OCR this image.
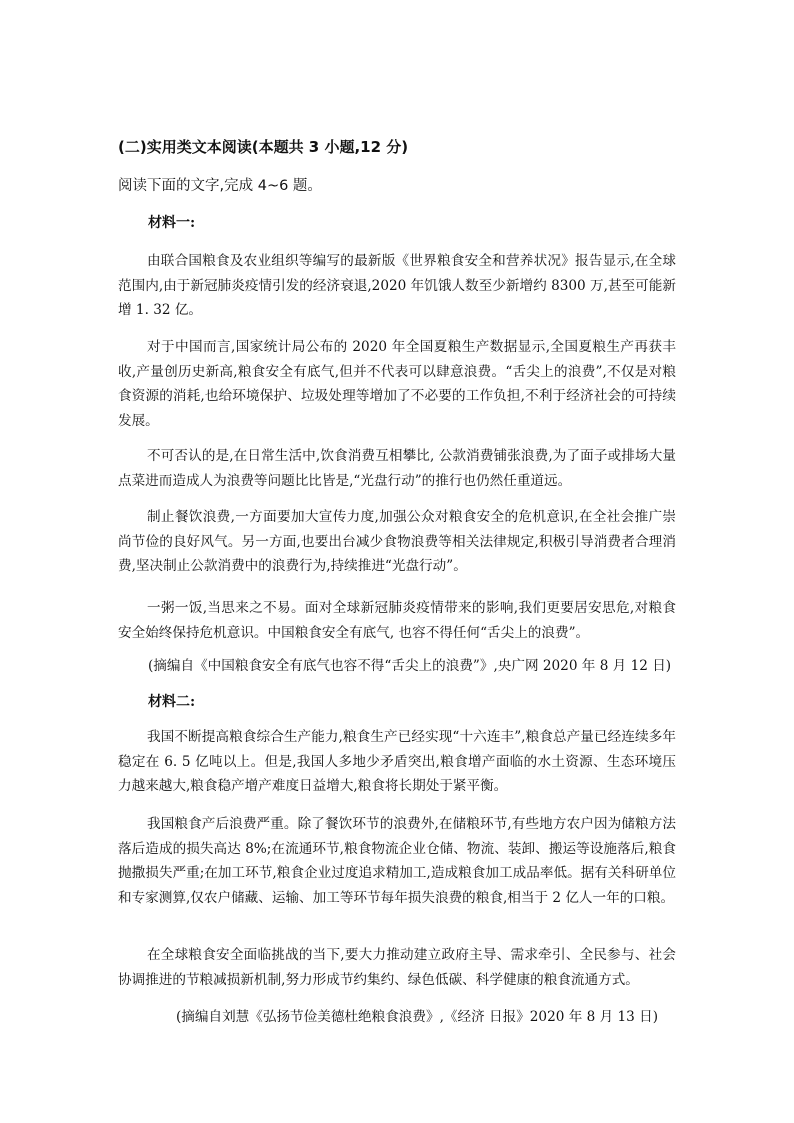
(二)实用类文本阅读(本题共 3 小题,12 分)
阅读下面的文字,完成 4~6 题。
材料一:

由联合国粮食及农业组织等编写的最新版《世界粮食安全和营养状况》报告显示,在全球范围内,由于新冠肺炎疫情引发的经济衰退,2020 年饥饿人数至少新增约 8300 万,甚至可能新增 1. 32 亿。

对于中国而言,国家统计局公布的 2020 年全国夏粮生产数据显示,全国夏粮生产再获丰收,产量创历史新高,粮食安全有底气,但并不代表可以肆意浪费。“舌尖上的浪费”,不仅是对粮食资源的消耗,也给环境保护、垃圾处理等增加了不必要的工作负担,不利于经济社会的可持续发展。

不可否认的是,在日常生活中,饮食消费互相攀比, 公款消费铺张浪费,为了面子或排场大量点菜进而造成人为浪费等问题比比皆是,“光盘行动”的推行也仍然任重道远。

制止餐饮浪费,一方面要加大宣传力度,加强公众对粮食安全的危机意识,在全社会推广崇尚节俭的良好风气。另一方面,也要出台减少食物浪费等相关法律规定,积极引导消费者合理消费,坚决制止公款消费中的浪费行为,持续推进“光盘行动”。

一粥一饭,当思来之不易。面对全球新冠肺炎疫情带来的影响,我们更要居安思危,对粮食安全始终保持危机意识。中国粮食安全有底气, 也容不得任何“舌尖上的浪费”。

(摘编自《中国粮食安全有底气也容不得“舌尖上的浪费”》,央广网 2020 年 8 月 12 日)
材料二:

我国不断提高粮食综合生产能力,粮食生产已经实现“十六连丰”,粮食总产量已经连续多年稳定在 6. 5 亿吨以上。但是,我国人多地少矛盾突出,粮食增产面临的水土资源、生态环境压力越来越大,粮食稳产增产难度日益增大,粮食将长期处于紧平衡。

我国粮食产后浪费严重。除了餐饮环节的浪费外,在储粮环节,有些地方农户因为储粮方法落后造成的损失高达 8%;在流通环节,粮食物流企业仓储、物流、装卸、搬运等设施落后,粮食抛撒损失严重;在加工环节,粮食企业过度追求精加工,造成粮食加工成品率低。据有关科研单位和专家测算,仅农户储藏、运输、加工等环节每年损失浪费的粮食,相当于 2 亿人一年的口粮。

在全球粮食安全面临挑战的当下,要大力推动建立政府主导、需求牵引、全民参与、社会协调推进的节粮减损新机制,努力形成节约集约、绿色低碳、科学健康的粮食流通方式。

(摘编自刘慧《弘扬节俭美德杜绝粮食浪费》,《经济 日报》2020 年 8 月 13 日)
